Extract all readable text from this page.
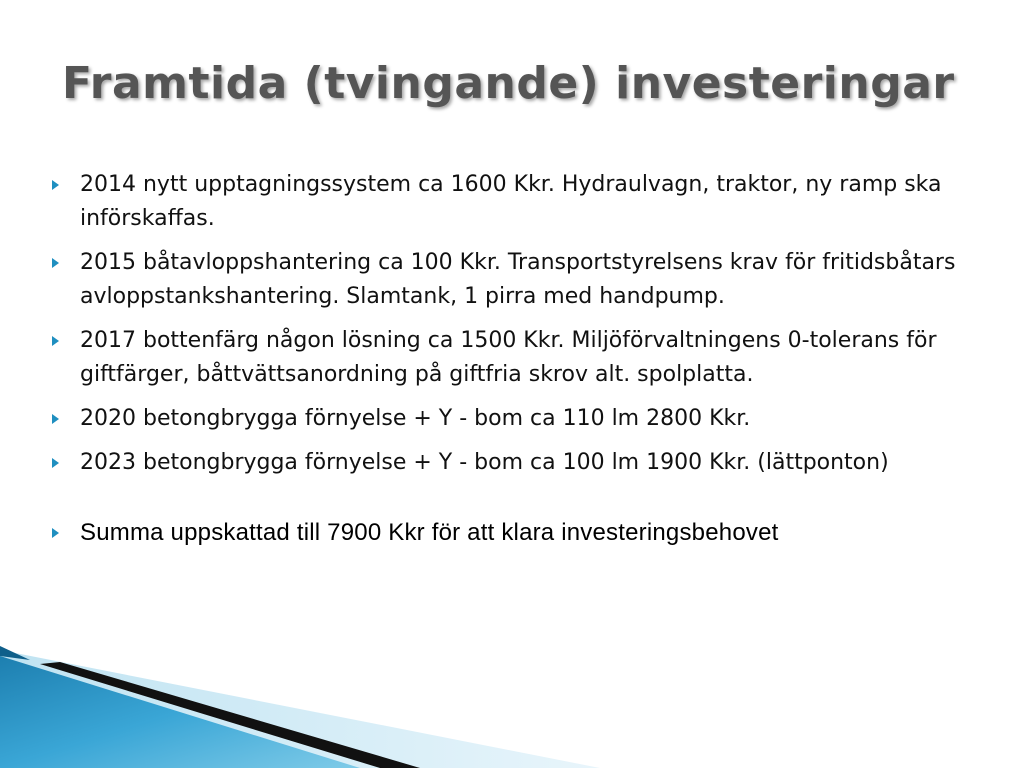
Framtida (tvingande) investeringar
2014 nytt upptagningssystem ca 1600 Kkr. Hydraulvagn, traktor, ny ramp ska införskaffas.
2015 båtavloppshantering ca 100 Kkr. Transportstyrelsens krav för fritidsbåtars avloppstankshantering. Slamtank, 1 pirra med handpump.
2017 bottenfärg någon lösning ca 1500 Kkr. Miljöförvaltningens 0-tolerans för giftfärger, båttvättsanordning på giftfria skrov alt. spolplatta.
2020 betongbrygga förnyelse + Y - bom ca 110 lm 2800 Kkr.
2023 betongbrygga förnyelse + Y - bom ca 100 lm 1900 Kkr. (lättponton)
Summa uppskattad till 7900 Kkr för att klara investeringsbehovet
